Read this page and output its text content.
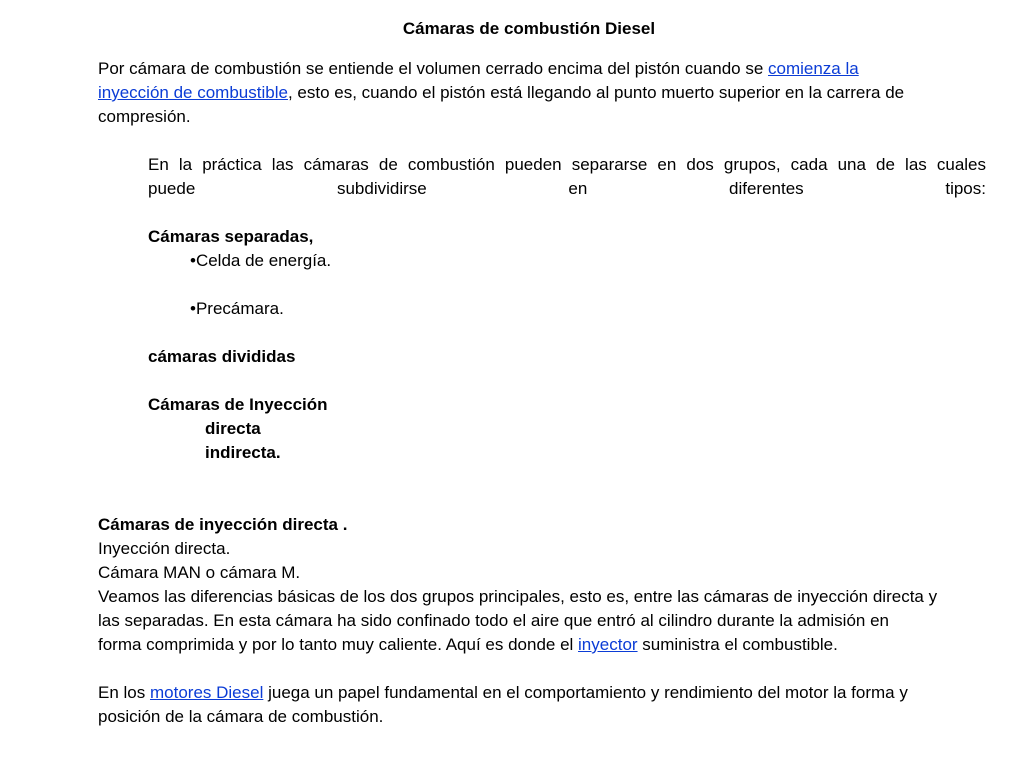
Cámaras de combustión Diesel
Por cámara de combustión se entiende el volumen cerrado encima del pistón cuando se comienza la
inyección de combustible, esto es, cuando el pistón está llegando al punto muerto superior en la carrera de
compresión.
En la práctica las cámaras de combustión pueden separarse en dos grupos, cada una de las cuales
puede subdividirse en diferentes tipos:
Cámaras separadas,
•Celda de energía.
•Precámara.
cámaras divididas
Cámaras de Inyección
directa
indirecta.
Cámaras de inyección directa .
Inyección directa.
Cámara MAN o cámara M.
Veamos las diferencias básicas de los dos grupos principales, esto es, entre las cámaras de inyección directa y
las separadas. En esta cámara ha sido confinado todo el aire que entró al cilindro durante la admisión en
forma comprimida y por lo tanto muy caliente. Aquí es donde el inyector suministra el combustible.
En los motores Diesel juega un papel fundamental en el comportamiento y rendimiento del motor la forma y
posición de la cámara de combustión.
